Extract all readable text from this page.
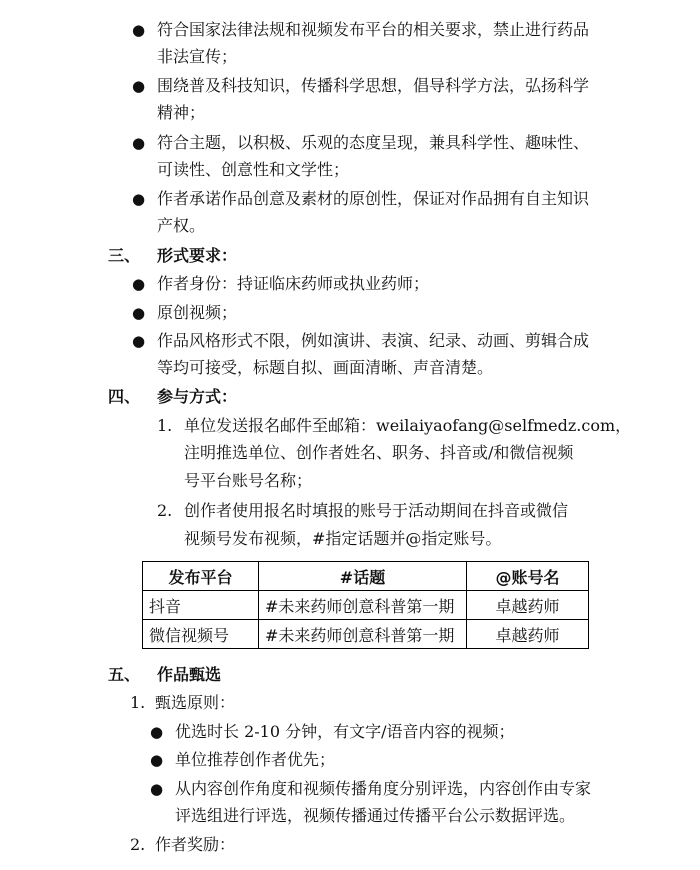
● 符合国家法律法规和视频发布平台的相关要求，禁止进行药品
非法宣传；
● 围绕普及科技知识，传播科学思想，倡导科学方法，弘扬科学
精神；
● 符合主题，以积极、乐观的态度呈现，兼具科学性、趣味性、
可读性、创意性和文学性；
● 作者承诺作品创意及素材的原创性，保证对作品拥有自主知识
产权。
三、 形式要求：
● 作者身份：持证临床药师或执业药师；
● 原创视频；
● 作品风格形式不限，例如演讲、表演、纪录、动画、剪辑合成
等均可接受，标题自拟、画面清晰、声音清楚。
四、 参与方式：
1. 单位发送报名邮件至邮箱：weilaiyaofang@selfmedz.com，
注明推选单位、创作者姓名、职务、抖音或/和微信视频
号平台账号名称；
2. 创作者使用报名时填报的账号于活动期间在抖音或微信
视频号发布视频，#指定话题并@指定账号。
发布平台	#话题	@账号名
抖音	#未来药师创意科普第一期	卓越药师
微信视频号	#未来药师创意科普第一期	卓越药师
五、 作品甄选
1. 甄选原则：
● 优选时长 2-10 分钟，有文字/语音内容的视频；
● 单位推荐创作者优先；
● 从内容创作角度和视频传播角度分别评选，内容创作由专家
评选组进行评选，视频传播通过传播平台公示数据评选。
2. 作者奖励：
